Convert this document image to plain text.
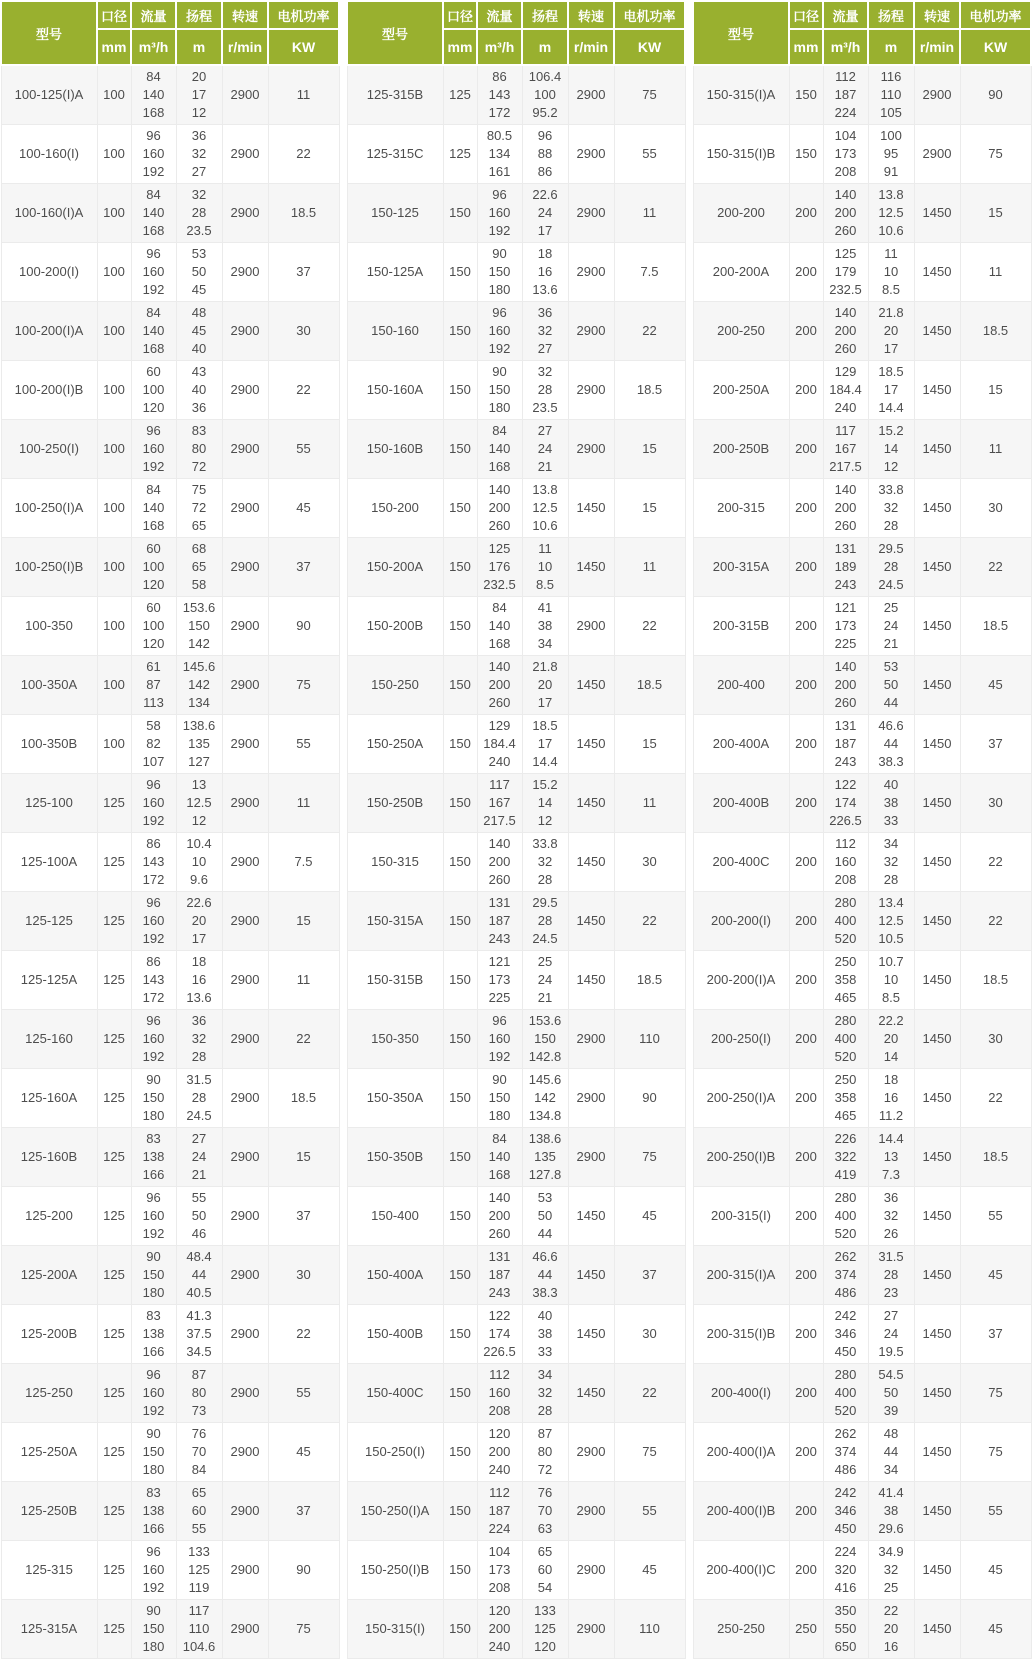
型号	口径	流量	扬程	转速	电机功率
	mm	m³/h	m	r/min	KW
100-125(I)A	100	84
140
168	20
17
12	2900	11
100-160(I)	100	96
160
192	36
32
27	2900	22
100-160(I)A	100	84
140
168	32
28
23.5	2900	18.5
100-200(I)	100	96
160
192	53
50
45	2900	37
100-200(I)A	100	84
140
168	48
45
40	2900	30
100-200(I)B	100	60
100
120	43
40
36	2900	22
100-250(I)	100	96
160
192	83
80
72	2900	55
100-250(I)A	100	84
140
168	75
72
65	2900	45
100-250(I)B	100	60
100
120	68
65
58	2900	37
100-350	100	60
100
120	153.6
150
142	2900	90
100-350A	100	61
87
113	145.6
142
134	2900	75
100-350B	100	58
82
107	138.6
135
127	2900	55
125-100	125	96
160
192	13
12.5
12	2900	11
125-100A	125	86
143
172	10.4
10
9.6	2900	7.5
125-125	125	96
160
192	22.6
20
17	2900	15
125-125A	125	86
143
172	18
16
13.6	2900	11
125-160	125	96
160
192	36
32
28	2900	22
125-160A	125	90
150
180	31.5
28
24.5	2900	18.5
125-160B	125	83
138
166	27
24
21	2900	15
125-200	125	96
160
192	55
50
46	2900	37
125-200A	125	90
150
180	48.4
44
40.5	2900	30
125-200B	125	83
138
166	41.3
37.5
34.5	2900	22
125-250	125	96
160
192	87
80
73	2900	55
125-250A	125	90
150
180	76
70
84	2900	45
125-250B	125	83
138
166	65
60
55	2900	37
125-315	125	96
160
192	133
125
119	2900	90
125-315A	125	90
150
180	117
110
104.6	2900	75
型号	口径	流量	扬程	转速	电机功率
	mm	m³/h	m	r/min	KW
125-315B	125	86
143
172	106.4
100
95.2	2900	75
125-315C	125	80.5
134
161	96
88
86	2900	55
150-125	150	96
160
192	22.6
24
17	2900	11
150-125A	150	90
150
180	18
16
13.6	2900	7.5
150-160	150	96
160
192	36
32
27	2900	22
150-160A	150	90
150
180	32
28
23.5	2900	18.5
150-160B	150	84
140
168	27
24
21	2900	15
150-200	150	140
200
260	13.8
12.5
10.6	1450	15
150-200A	150	125
176
232.5	11
10
8.5	1450	11
150-200B	150	84
140
168	41
38
34	2900	22
150-250	150	140
200
260	21.8
20
17	1450	18.5
150-250A	150	129
184.4
240	18.5
17
14.4	1450	15
150-250B	150	117
167
217.5	15.2
14
12	1450	11
150-315	150	140
200
260	33.8
32
28	1450	30
150-315A	150	131
187
243	29.5
28
24.5	1450	22
150-315B	150	121
173
225	25
24
21	1450	18.5
150-350	150	96
160
192	153.6
150
142.8	2900	110
150-350A	150	90
150
180	145.6
142
134.8	2900	90
150-350B	150	84
140
168	138.6
135
127.8	2900	75
150-400	150	140
200
260	53
50
44	1450	45
150-400A	150	131
187
243	46.6
44
38.3	1450	37
150-400B	150	122
174
226.5	40
38
33	1450	30
150-400C	150	112
160
208	34
32
28	1450	22
150-250(I)	150	120
200
240	87
80
72	2900	75
150-250(I)A	150	112
187
224	76
70
63	2900	55
150-250(I)B	150	104
173
208	65
60
54	2900	45
150-315(I)	150	120
200
240	133
125
120	2900	110
型号	口径	流量	扬程	转速	电机功率
	mm	m³/h	m	r/min	KW
150-315(I)A	150	112
187
224	116
110
105	2900	90
150-315(I)B	150	104
173
208	100
95
91	2900	75
200-200	200	140
200
260	13.8
12.5
10.6	1450	15
200-200A	200	125
179
232.5	11
10
8.5	1450	11
200-250	200	140
200
260	21.8
20
17	1450	18.5
200-250A	200	129
184.4
240	18.5
17
14.4	1450	15
200-250B	200	117
167
217.5	15.2
14
12	1450	11
200-315	200	140
200
260	33.8
32
28	1450	30
200-315A	200	131
189
243	29.5
28
24.5	1450	22
200-315B	200	121
173
225	25
24
21	1450	18.5
200-400	200	140
200
260	53
50
44	1450	45
200-400A	200	131
187
243	46.6
44
38.3	1450	37
200-400B	200	122
174
226.5	40
38
33	1450	30
200-400C	200	112
160
208	34
32
28	1450	22
200-200(I)	200	280
400
520	13.4
12.5
10.5	1450	22
200-200(I)A	200	250
358
465	10.7
10
8.5	1450	18.5
200-250(I)	200	280
400
520	22.2
20
14	1450	30
200-250(I)A	200	250
358
465	18
16
11.2	1450	22
200-250(I)B	200	226
322
419	14.4
13
7.3	1450	18.5
200-315(I)	200	280
400
520	36
32
26	1450	55
200-315(I)A	200	262
374
486	31.5
28
23	1450	45
200-315(I)B	200	242
346
450	27
24
19.5	1450	37
200-400(I)	200	280
400
520	54.5
50
39	1450	75
200-400(I)A	200	262
374
486	48
44
34	1450	75
200-400(I)B	200	242
346
450	41.4
38
29.6	1450	55
200-400(I)C	200	224
320
416	34.9
32
25	1450	45
250-250	250	350
550
650	22
20
16	1450	45
